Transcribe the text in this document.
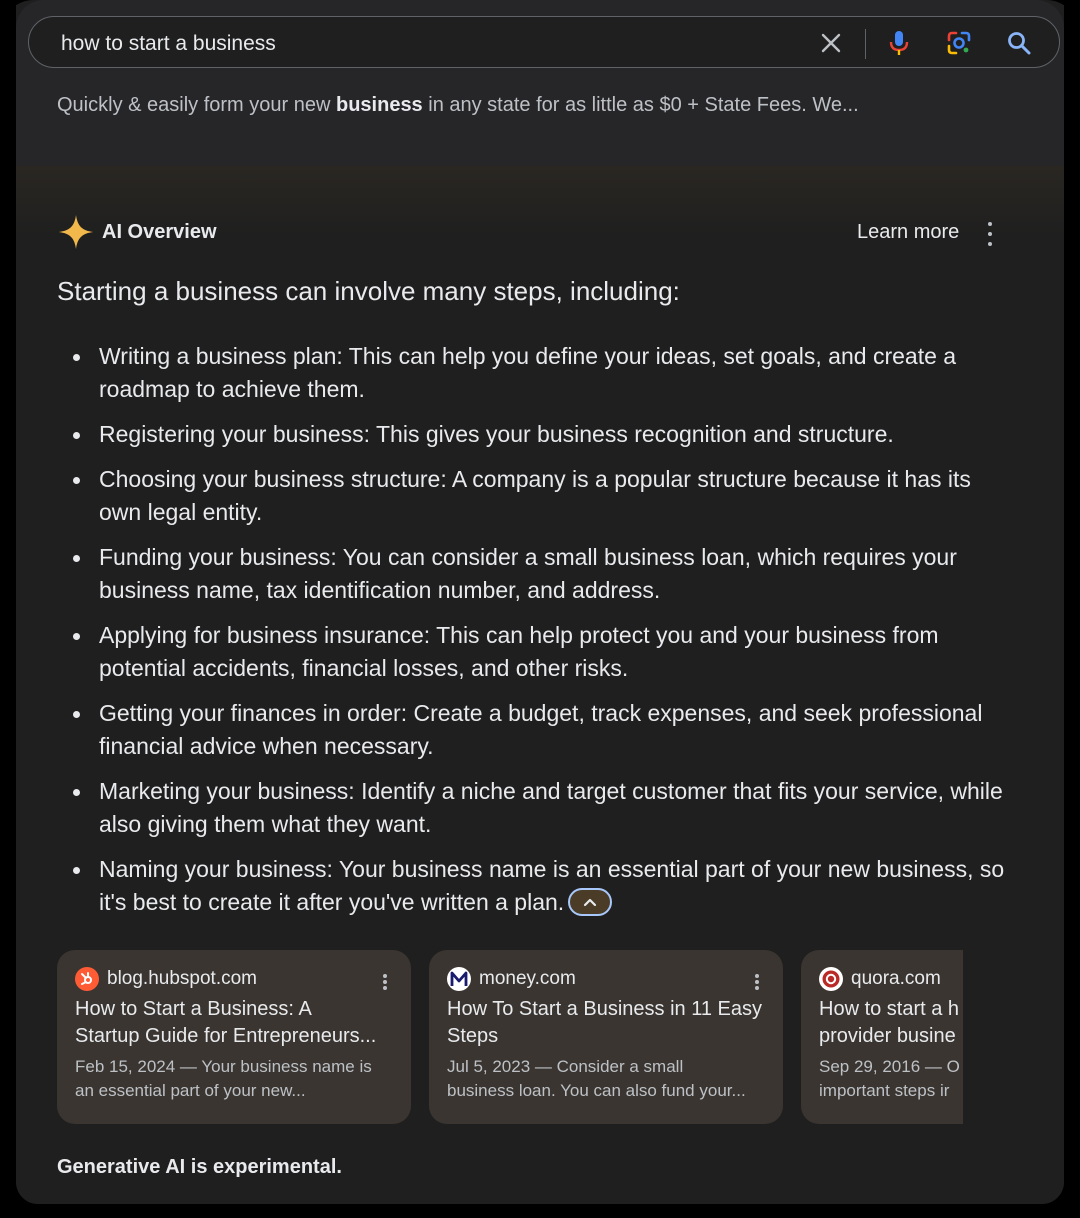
how to start a business
Quickly & easily form your new business in any state for as little as $0 + State Fees. We...
AI Overview	Learn more
Starting a business can involve many steps, including:
Writing a business plan: This can help you define your ideas, set goals, and create a roadmap to achieve them.
Registering your business: This gives your business recognition and structure.
Choosing your business structure: A company is a popular structure because it has its own legal entity.
Funding your business: You can consider a small business loan, which requires your business name, tax identification number, and address.
Applying for business insurance: This can help protect you and your business from potential accidents, financial losses, and other risks.
Getting your finances in order: Create a budget, track expenses, and seek professional financial advice when necessary.
Marketing your business: Identify a niche and target customer that fits your service, while also giving them what they want.
Naming your business: Your business name is an essential part of your new business, so it's best to create it after you've written a plan.
blog.hubspot.com
How to Start a Business: A
Startup Guide for Entrepreneurs...
Feb 15, 2024 — Your business name is
an essential part of your new...
money.com
How To Start a Business in 11 Easy
Steps
Jul 5, 2023 — Consider a small
business loan. You can also fund your...
quora.com
How to start a h
provider busine
Sep 29, 2016 — O
important steps ir
Generative AI is experimental.
